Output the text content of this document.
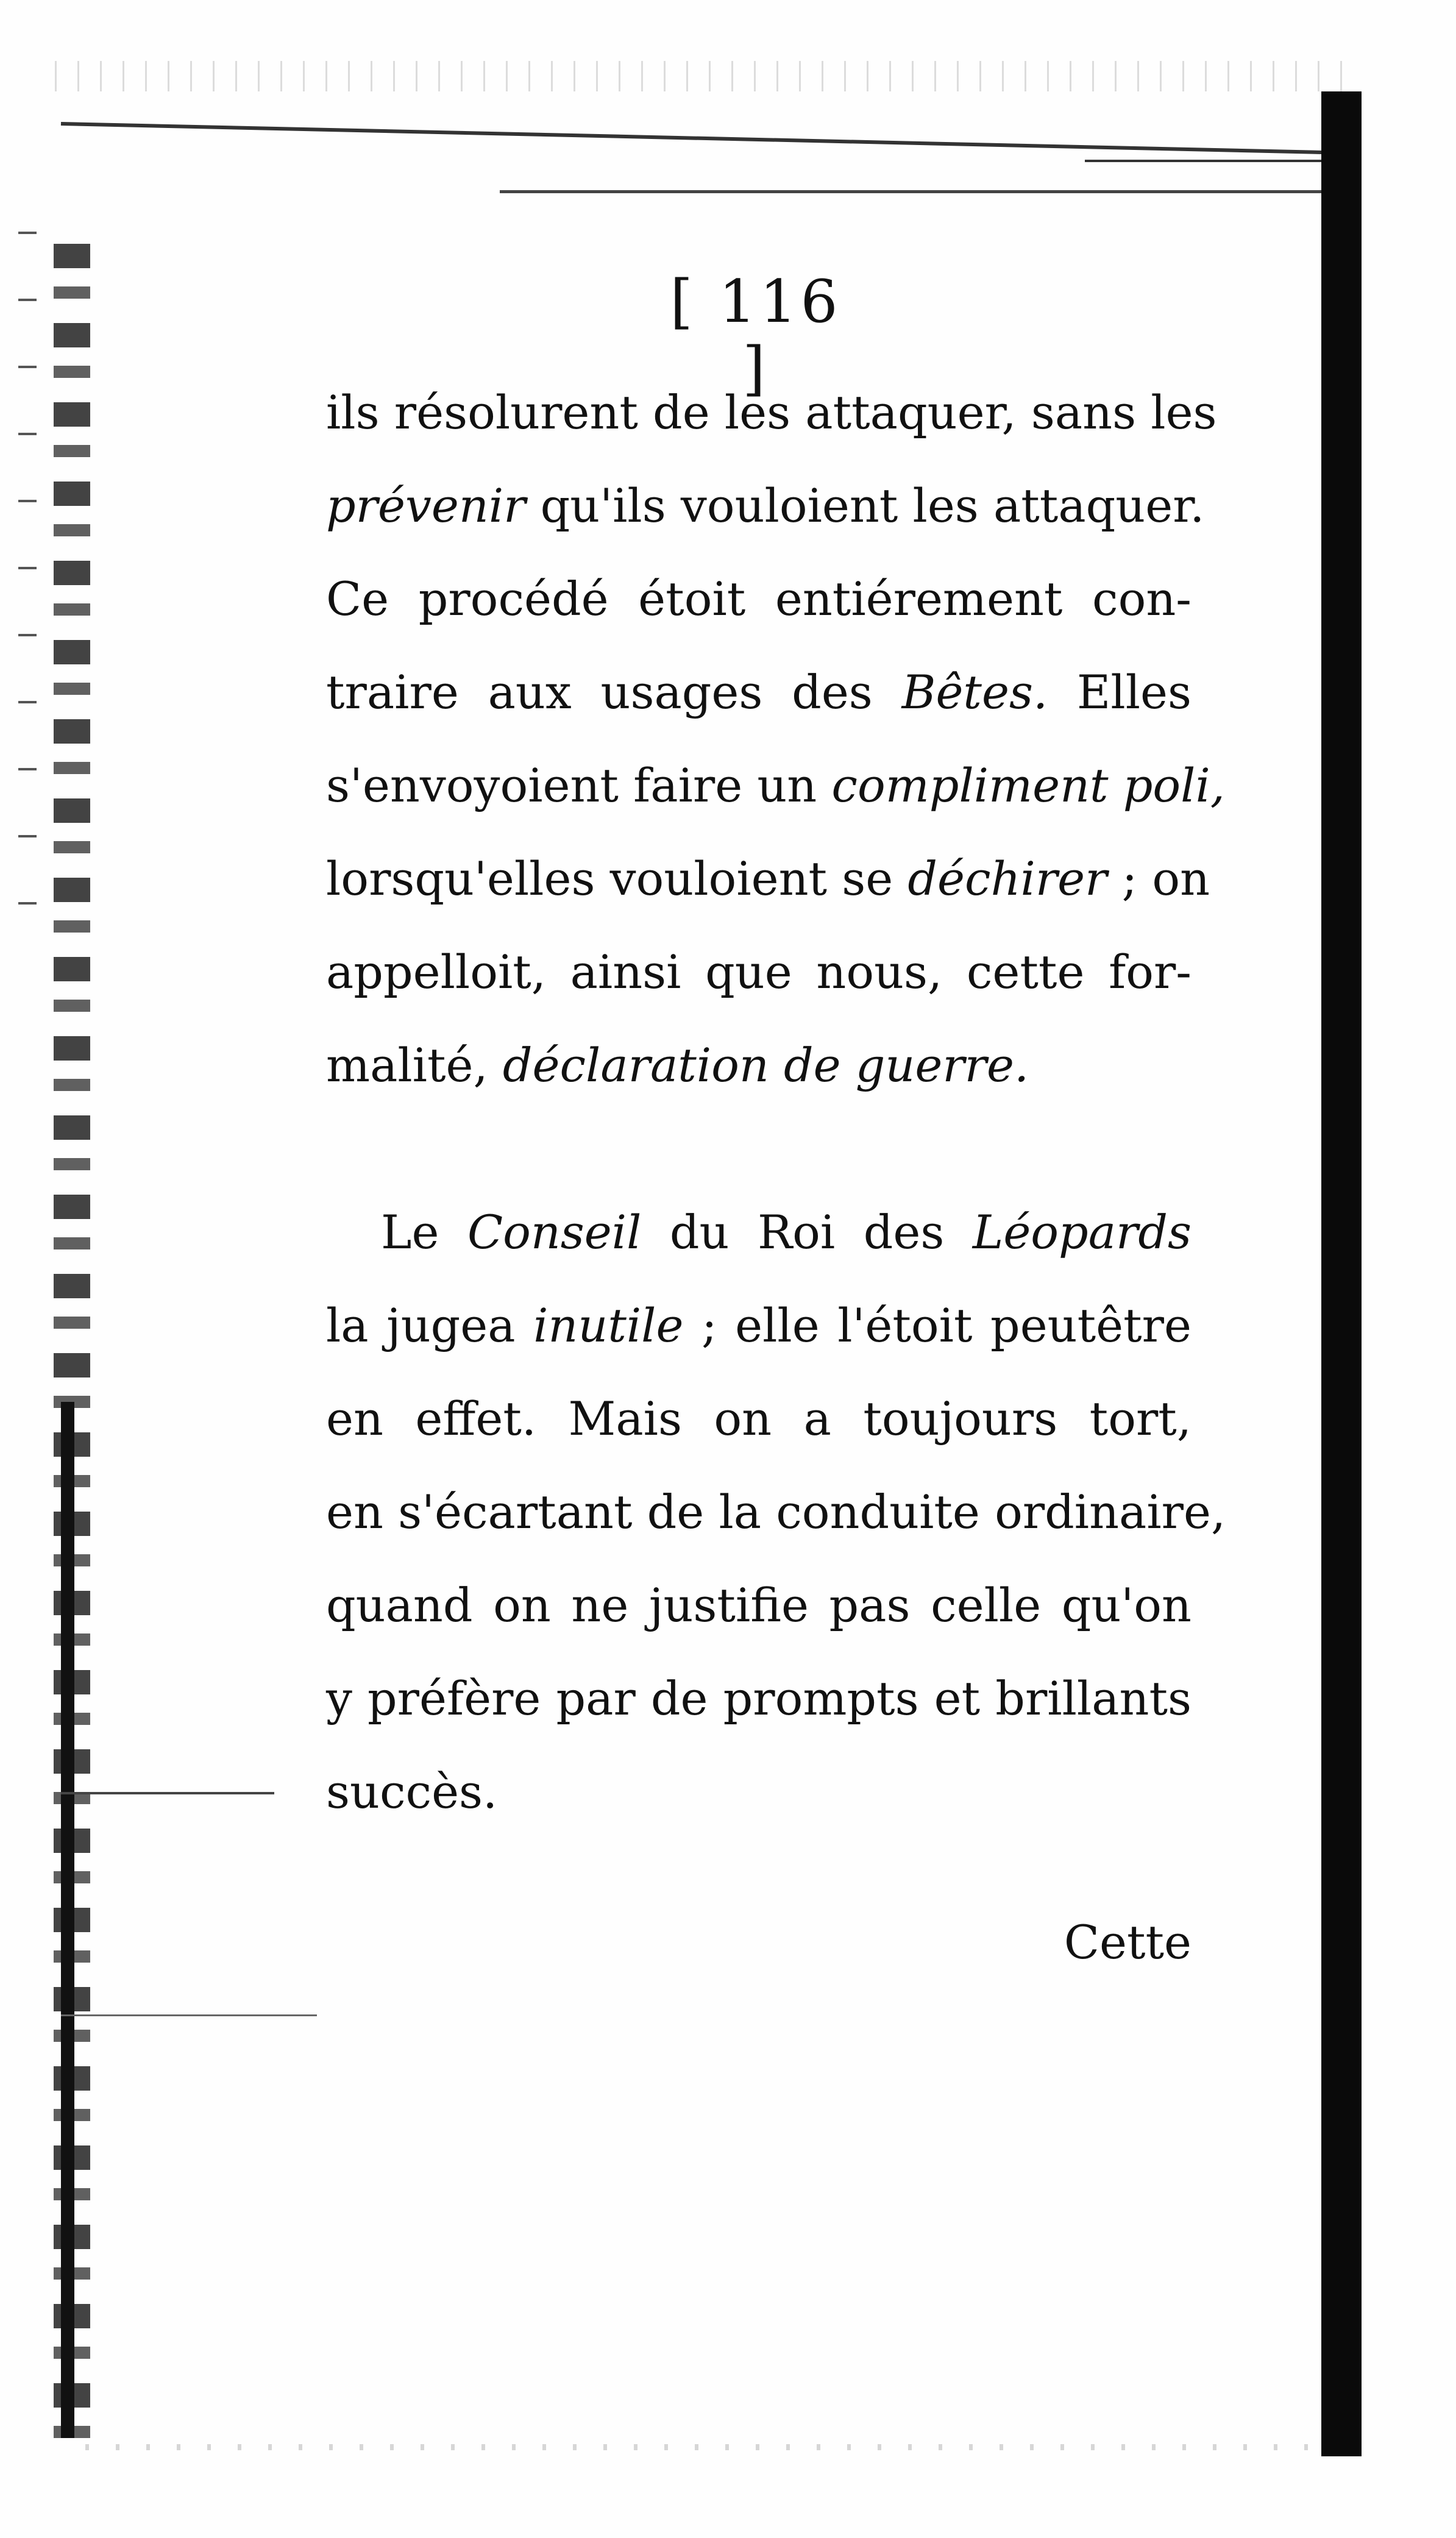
[ 116 ]
ils résolurent de les attaquer, sans les
prévenir qu'ils vouloient les attaquer.
Ce procédé étoit entiérement con-
traire aux usages des Bêtes. Elles
s'envoyoient faire un compliment poli,
lorsqu'elles vouloient se déchirer ; on
appelloit, ainsi que nous, cette for-
malité, déclaration de guerre.
Le Conseil du Roi des Léopards
la jugea inutile ; elle l'étoit peutêtre
en effet. Mais on a toujours tort,
en s'écartant de la conduite ordinaire,
quand on ne justifie pas celle qu'on
y préfère par de prompts et brillants
succès.
Cette
